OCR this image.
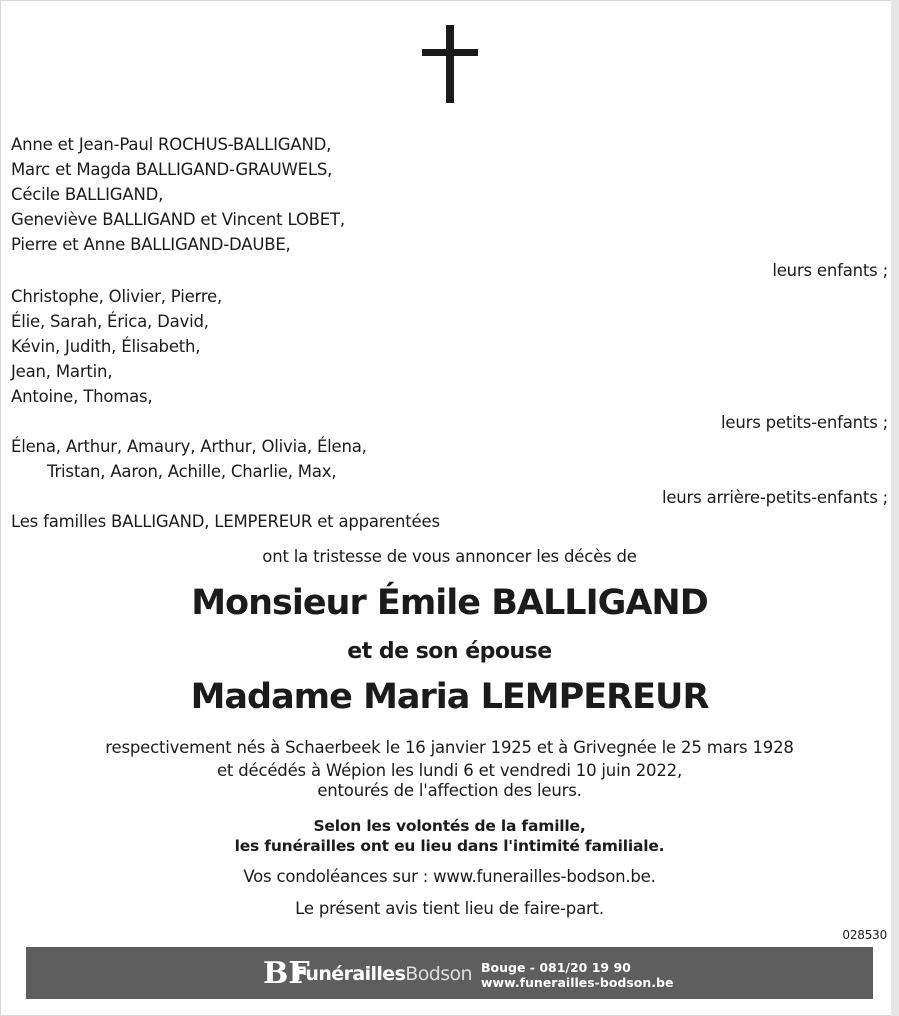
Anne et Jean-Paul ROCHUS-BALLIGAND,
Marc et Magda BALLIGAND-GRAUWELS,
Cécile BALLIGAND,
Geneviève BALLIGAND et Vincent LOBET,
Pierre et Anne BALLIGAND-DAUBE,
leurs enfants ;
Christophe, Olivier, Pierre,
Élie, Sarah, Érica, David,
Kévin, Judith, Élisabeth,
Jean, Martin,
Antoine, Thomas,
leurs petits-enfants ;
Élena, Arthur, Amaury, Arthur, Olivia, Élena,
Tristan, Aaron, Achille, Charlie, Max,
leurs arrière-petits-enfants ;
Les familles BALLIGAND, LEMPEREUR et apparentées
ont la tristesse de vous annoncer les décès de
Monsieur Émile BALLIGAND
et de son épouse
Madame Maria LEMPEREUR
respectivement nés à Schaerbeek le 16 janvier 1925 et à Grivegnée le 25 mars 1928
et décédés à Wépion les lundi 6 et vendredi 10 juin 2022,
entourés de l'affection des leurs.
Selon les volontés de la famille,
les funérailles ont eu lieu dans l'intimité familiale.
Vos condoléances sur : www.funerailles-bodson.be.
Le présent avis tient lieu de faire-part.
028530
BF
FunéraillesBodson Bouge - 081/20 19 90
www.funerailles-bodson.be
